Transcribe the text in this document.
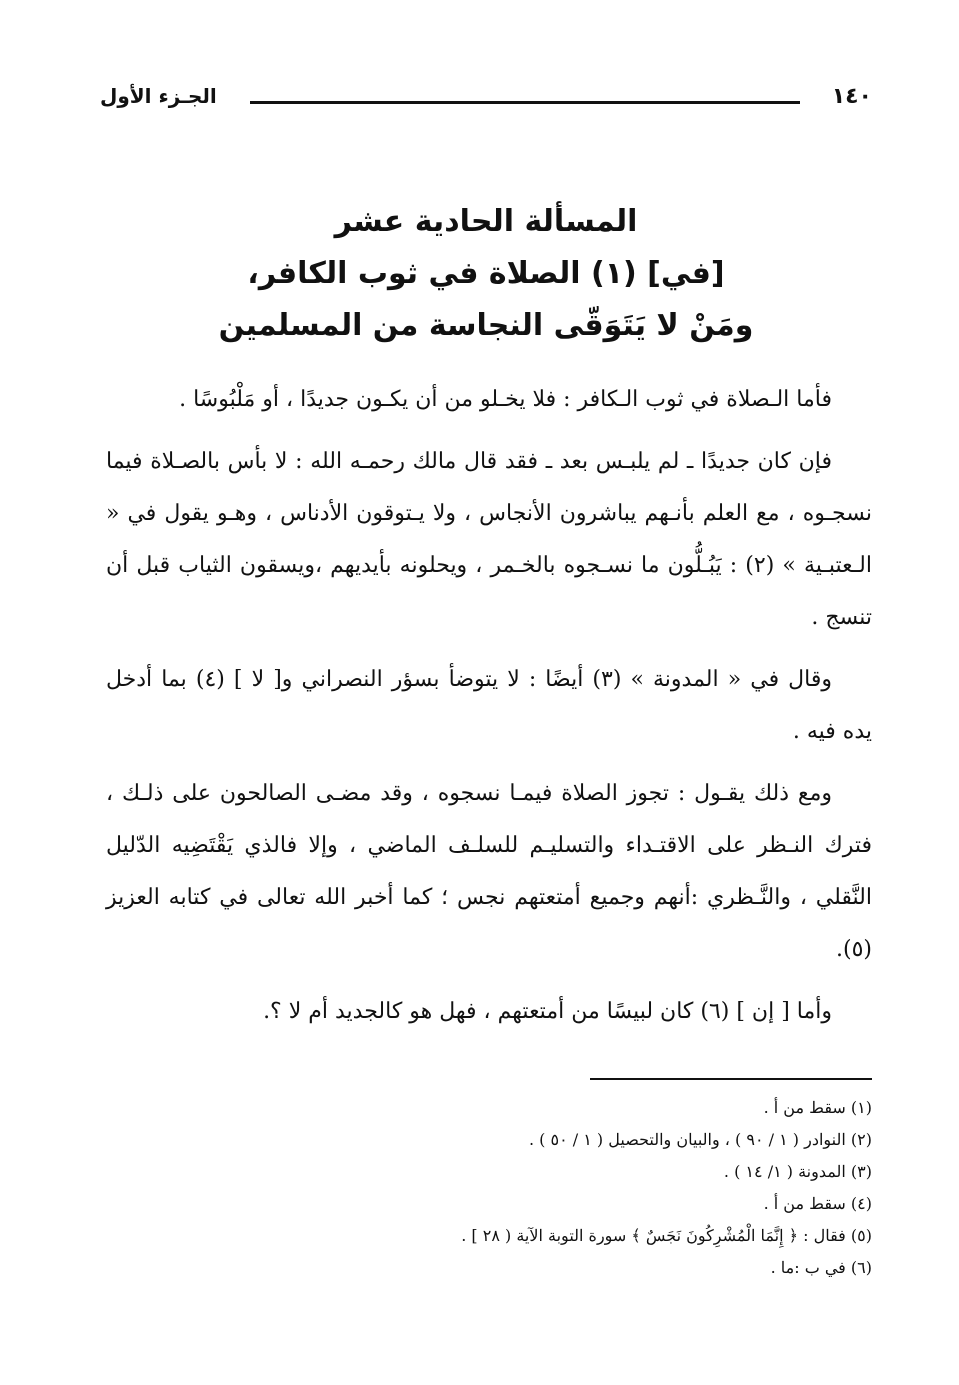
١٤٠
الجـزء الأول
المسألة الحادية عشر
[في] (١) الصلاة في ثوب الكافر،
ومَنْ لا يَتَوَقّى النجاسة من المسلمين

فأما الـصلاة في ثوب الـكافر : فلا يخـلو من أن يكـون جديدًا ، أو مَلْبُوسًا .

فإن كان جديدًا ـ لم يلبـس بعد ـ فقد قال مالك رحمـه الله : لا بأس بالصـلاة فيما نسجـوه ، مع العلم بأنـهم يباشرون الأنجاس ، ولا يـتوقون الأدناس ، وهـو يقول في « الـعتبـية » (٢) : يَبُـلُّون ما نسـجوه بالخـمر ، ويحلونه بأيديهم ،ويسقون الثياب قبل أن تنسج .

وقال في « المدونة » (٣) أيضًا : لا يتوضأ بسؤر النصراني و[ لا ] (٤) بما أدخل يده فيه .

ومع ذلك يقـول : تجوز الصلاة فيمـا نسجوه ، وقد مضـى الصالحون على ذلـك ، فترك النـظر على الاقتـداء والتسليـم للسلـف الماضي ، وإلا فالذي يَقْتَضِيه الدّليل النَّقلي ، والنَّـظري :أنهم وجميع أمتعتهم نجس ؛ كما أخبر الله تعالى في كتابه العزيز (٥).

وأما [ إن ] (٦) كان لبيسًا من أمتعتهم ، فهل هو كالجديد أم لا ؟.

(١) سقط من أ .
(٢) النوادر ( ١ / ٩٠ ) ، والبيان والتحصيل ( ١ / ٥٠ ) .
(٣) المدونة ( ١/ ١٤ ) .
(٤) سقط من أ .
(٥) فقال : ﴿ إِنَّمَا الْمُشْرِكُونَ نَجَسٌ ﴾ سورة التوبة الآية ( ٢٨ ] .
(٦) في ب :ما .
